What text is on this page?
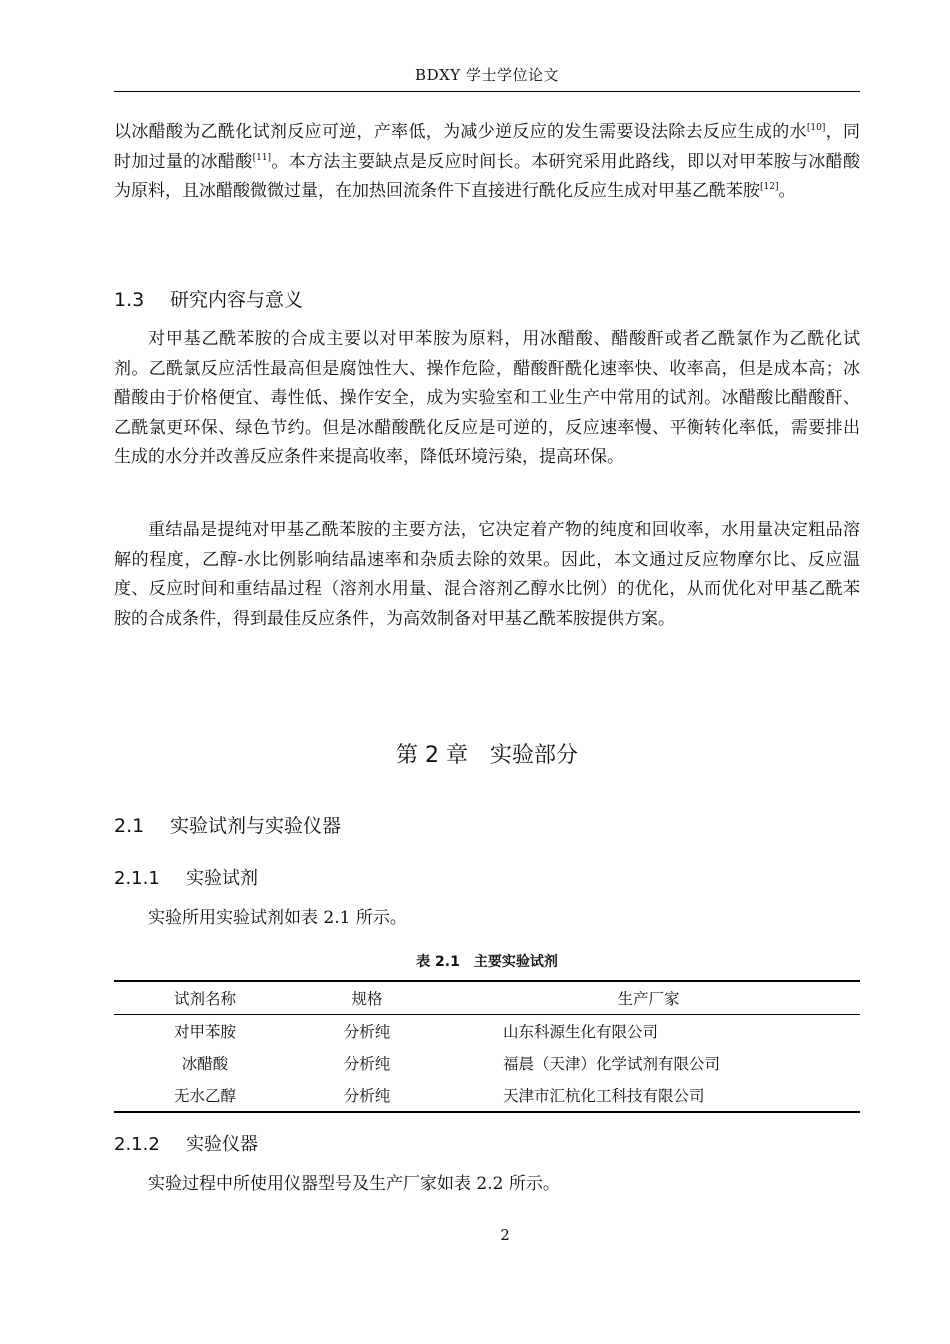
BDXY 学士学位论文

以冰醋酸为乙酰化试剂反应可逆，产率低，为减少逆反应的发生需要设法除去反应生成的水[10]，同时加过量的冰醋酸[11]。本方法主要缺点是反应时间长。本研究采用此路线，即以对甲苯胺与冰醋酸为原料，且冰醋酸微微过量，在加热回流条件下直接进行酰化反应生成对甲基乙酰苯胺[12]。

1.3 研究内容与意义

对甲基乙酰苯胺的合成主要以对甲苯胺为原料，用冰醋酸、醋酸酐或者乙酰氯作为乙酰化试剂。乙酰氯反应活性最高但是腐蚀性大、操作危险，醋酸酐酰化速率快、收率高，但是成本高；冰醋酸由于价格便宜、毒性低、操作安全，成为实验室和工业生产中常用的试剂。冰醋酸比醋酸酐、乙酰氯更环保、绿色节约。但是冰醋酸酰化反应是可逆的，反应速率慢、平衡转化率低，需要排出生成的水分并改善反应条件来提高收率，降低环境污染，提高环保。

重结晶是提纯对甲基乙酰苯胺的主要方法，它决定着产物的纯度和回收率，水用量决定粗品溶解的程度，乙醇-水比例影响结晶速率和杂质去除的效果。因此，本文通过反应物摩尔比、反应温度、反应时间和重结晶过程（溶剂水用量、混合溶剂乙醇水比例）的优化，从而优化对甲基乙酰苯胺的合成条件，得到最佳反应条件，为高效制备对甲基乙酰苯胺提供方案。

第 2 章　实验部分
2.1 实验试剂与实验仪器
2.1.1 实验试剂

实验所用实验试剂如表 2.1 所示。

表 2.1　主要实验试剂
试剂名称	规格	生产厂家
对甲苯胺	分析纯	山东科源生化有限公司
冰醋酸	分析纯	福晨（天津）化学试剂有限公司
无水乙醇	分析纯	天津市汇杭化工科技有限公司
2.1.2 实验仪器

实验过程中所使用仪器型号及生产厂家如表 2.2 所示。

2
